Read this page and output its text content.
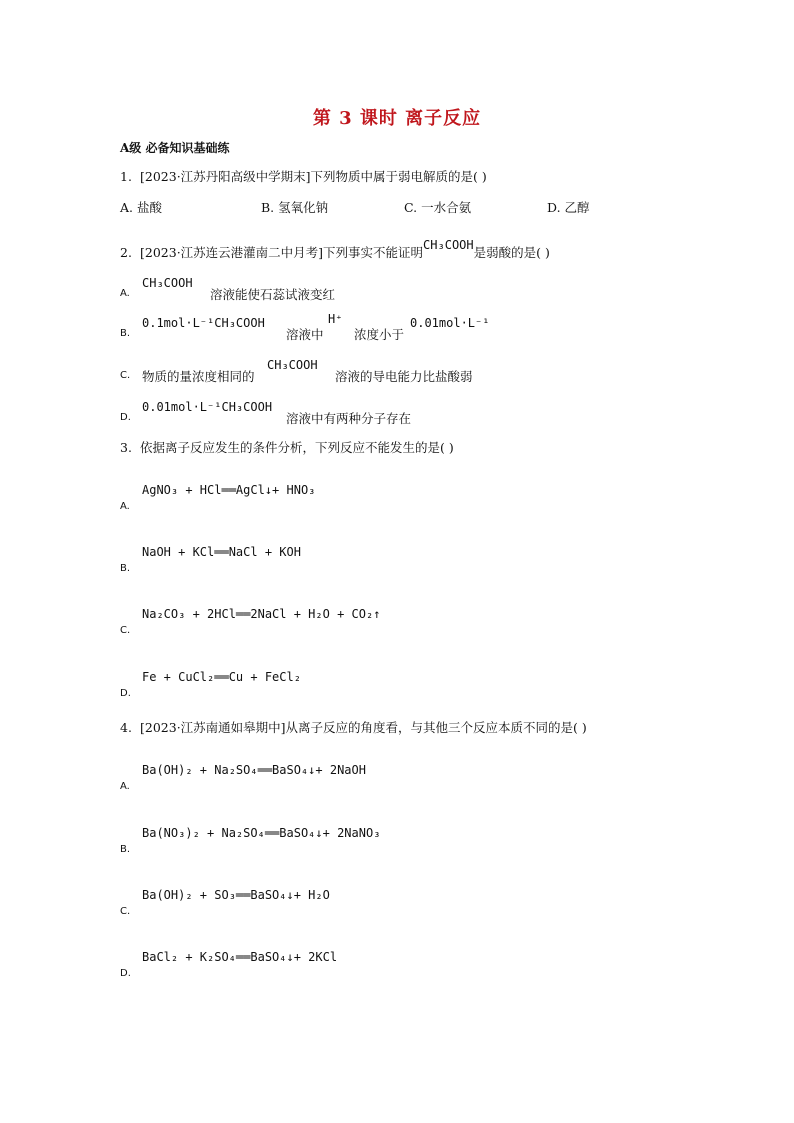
第 3 课时 离子反应
A级 必备知识基础练
1. [2023·江苏丹阳高级中学期末]下列物质中属于弱电解质的是( )
A. 盐酸	B. 氢氧化钠	C. 一水合氨	D. 乙醇
2. [2023·江苏连云港灌南二中月考]下列事实不能证明CH₃COOH是弱酸的是( )
A.
CH₃COOH
溶液能使石蕊试液变红
B.
0.1mol·L⁻¹CH₃COOH
溶液中
H⁺
浓度小于
0.01mol·L⁻¹
C. 物质的量浓度相同的
CH₃COOH
溶液的导电能力比盐酸弱
D.
0.01mol·L⁻¹CH₃COOH
溶液中有两种分子存在
3. 依据离子反应发生的条件分析，下列反应不能发生的是( )
AgNO₃ + HCl══AgCl↓+ HNO₃
A.
NaOH + KCl══NaCl + KOH
B.
Na₂CO₃ + 2HCl══2NaCl + H₂O + CO₂↑
C.
Fe + CuCl₂══Cu + FeCl₂
D.
4. [2023·江苏南通如皋期中]从离子反应的角度看，与其他三个反应本质不同的是( )
Ba(OH)₂ + Na₂SO₄══BaSO₄↓+ 2NaOH
A.
Ba(NO₃)₂ + Na₂SO₄══BaSO₄↓+ 2NaNO₃
B.
Ba(OH)₂ + SO₃══BaSO₄↓+ H₂O
C.
BaCl₂ + K₂SO₄══BaSO₄↓+ 2KCl
D.
